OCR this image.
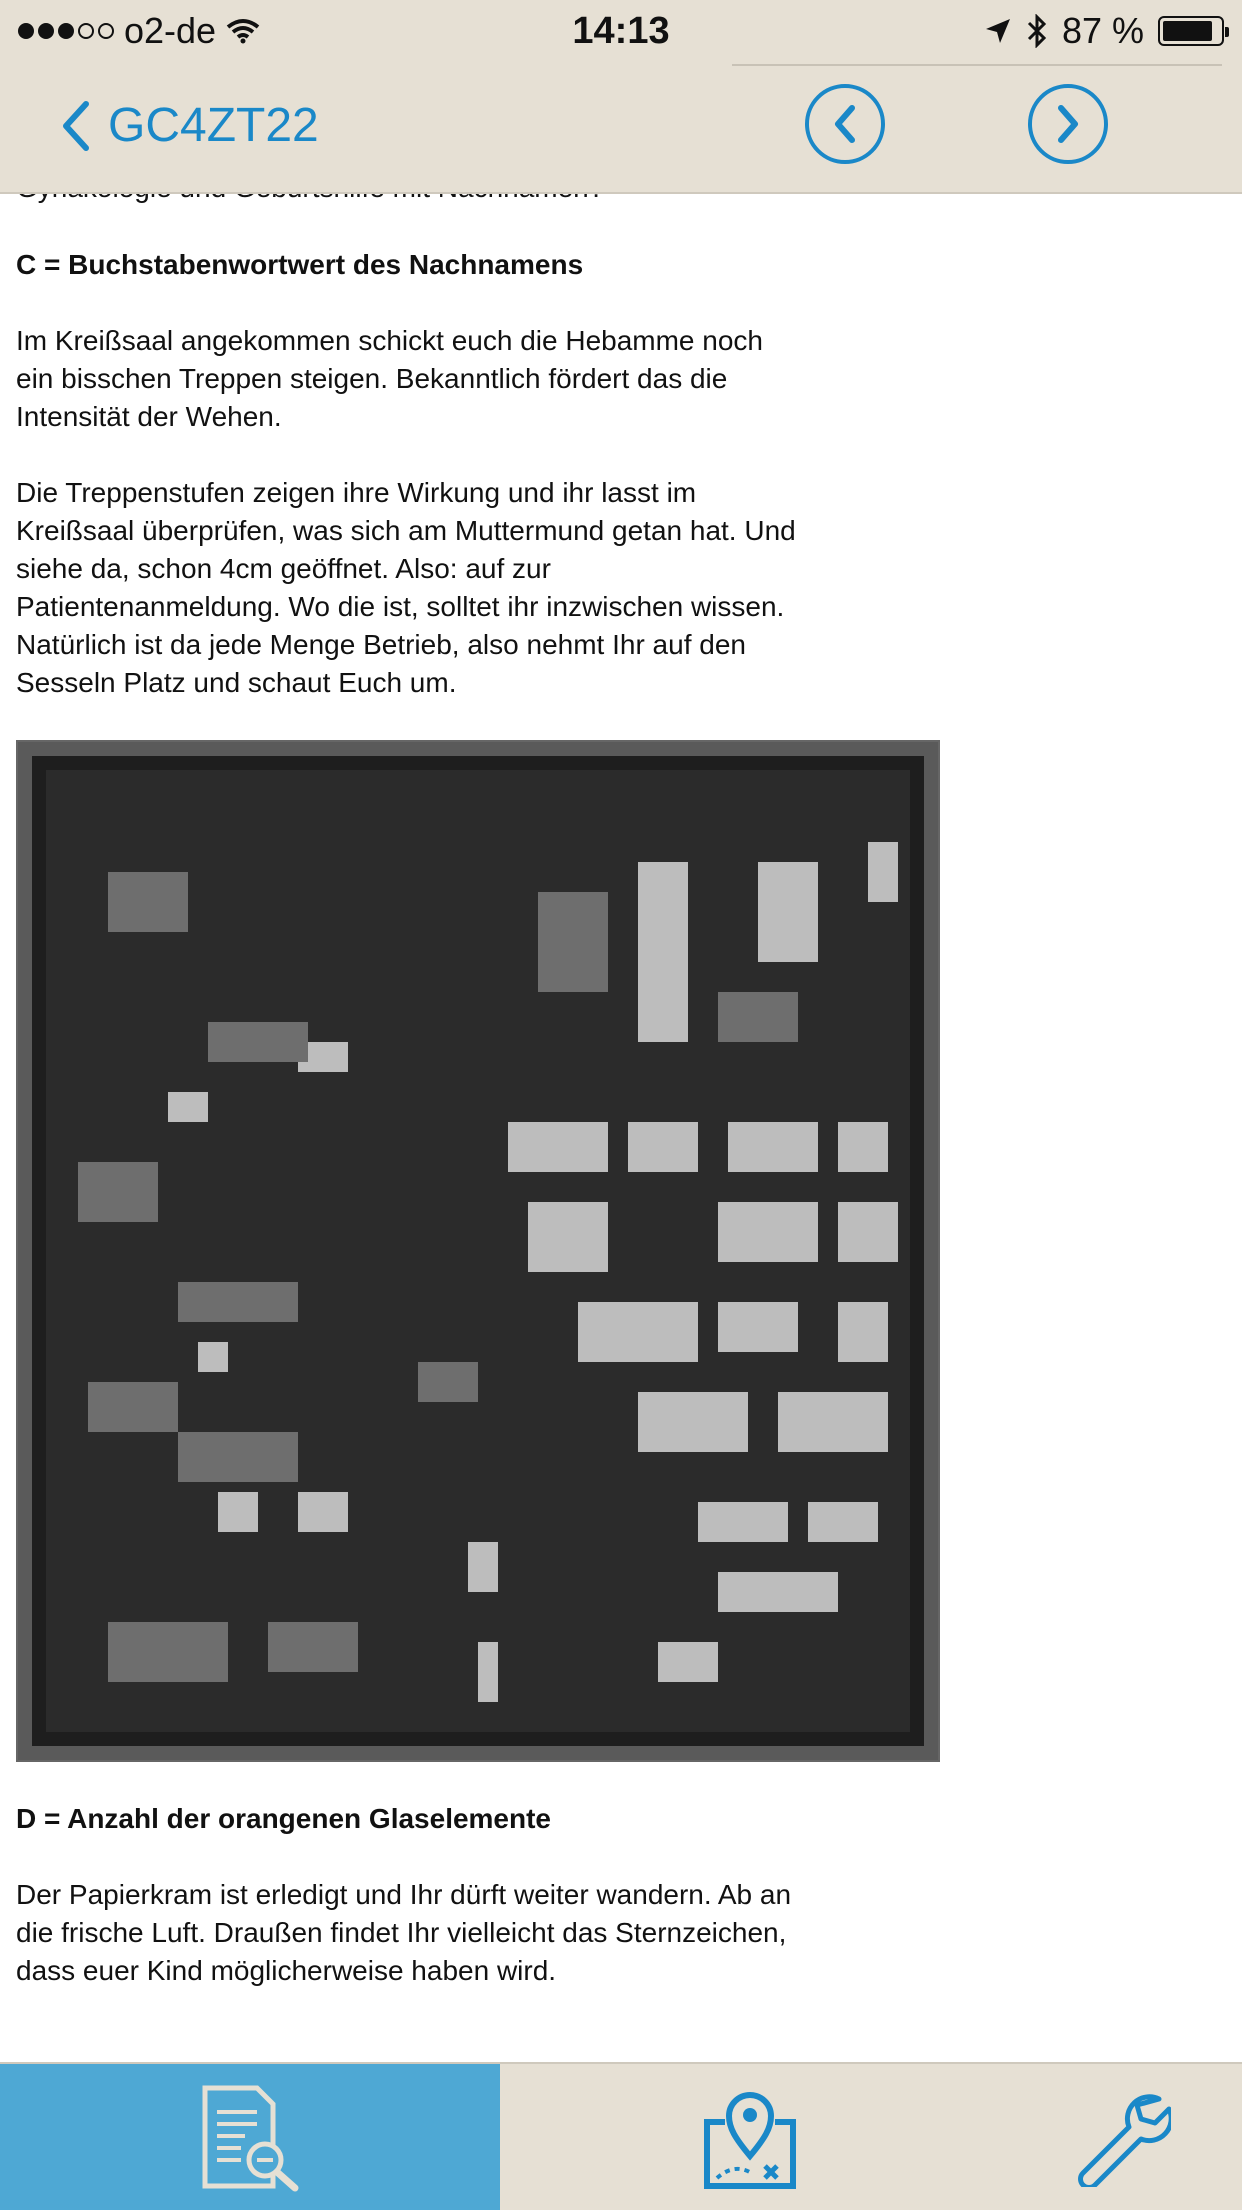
o2-de	14:13	87 %
GC4ZT22

C = Buchstabenwortwert des Nachnamens

Im Kreißsaal angekommen schickt euch die Hebamme noch ein bisschen Treppen steigen. Bekanntlich fördert das die Intensität der Wehen.

Die Treppenstufen zeigen ihre Wirkung und ihr lasst im Kreißsaal überprüfen, was sich am Muttermund getan hat. Und siehe da, schon 4cm geöffnet. Also: auf zur Patientenanmeldung. Wo die ist, solltet ihr inzwischen wissen. Natürlich ist da jede Menge Betrieb, also nehmt Ihr auf den Sesseln Platz und schaut Euch um.

D = Anzahl der orangenen Glaselemente

Der Papierkram ist erledigt und Ihr dürft weiter wandern. Ab an die frische Luft. Draußen findet Ihr vielleicht das Sternzeichen, dass euer Kind möglicherweise haben wird.
